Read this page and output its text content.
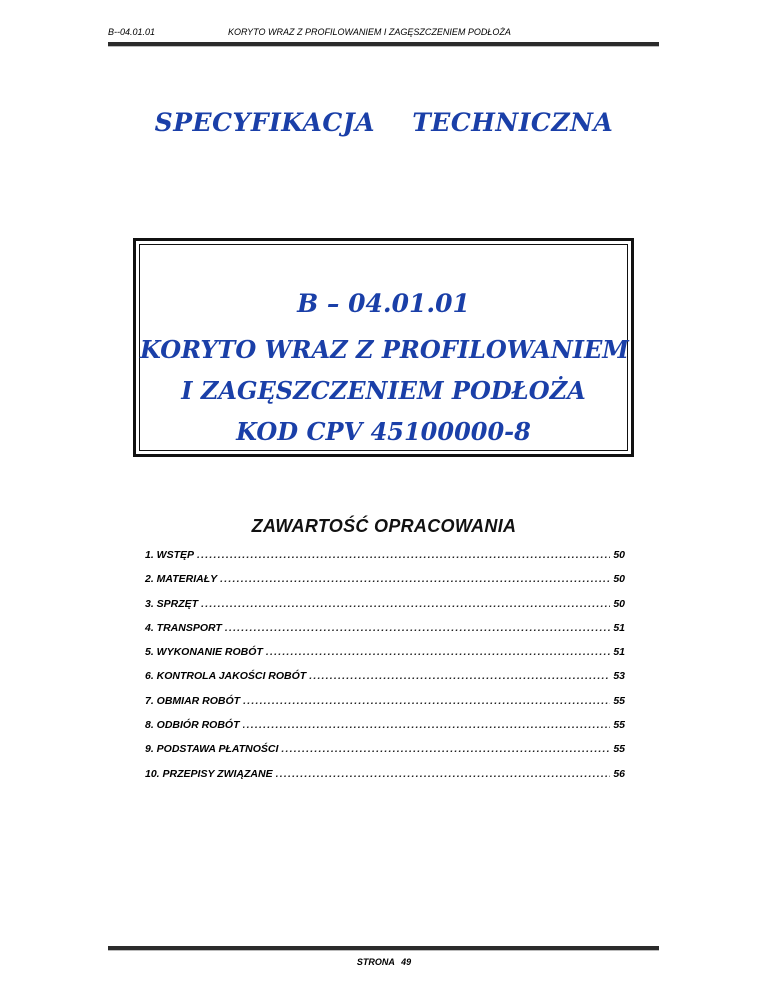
B--04.01.01	KORYTO WRAZ Z PROFILOWANIEM I ZAGĘSZCZENIEM PODŁOŻA
SPECYFIKACJA TECHNICZNA
B – 04.01.01
KORYTO WRAZ Z PROFILOWANIEM
I ZAGĘSZCZENIEM PODŁOŻA
KOD CPV 45100000-8
ZAWARTOŚĆ OPRACOWANIA
1. WSTĘP .....	50
2. MATERIAŁY .....	50
3. SPRZĘT .....	50
4. TRANSPORT .....	51
5. WYKONANIE ROBÓT .....	51
6. KONTROLA JAKOŚCI ROBÓT .....	53
7. OBMIAR ROBÓT .....	55
8. ODBIÓR ROBÓT .....	55
9. PODSTAWA PŁATNOŚCI .....	55
10. PRZEPISY ZWIĄZANE .....	56
STRONA 49
